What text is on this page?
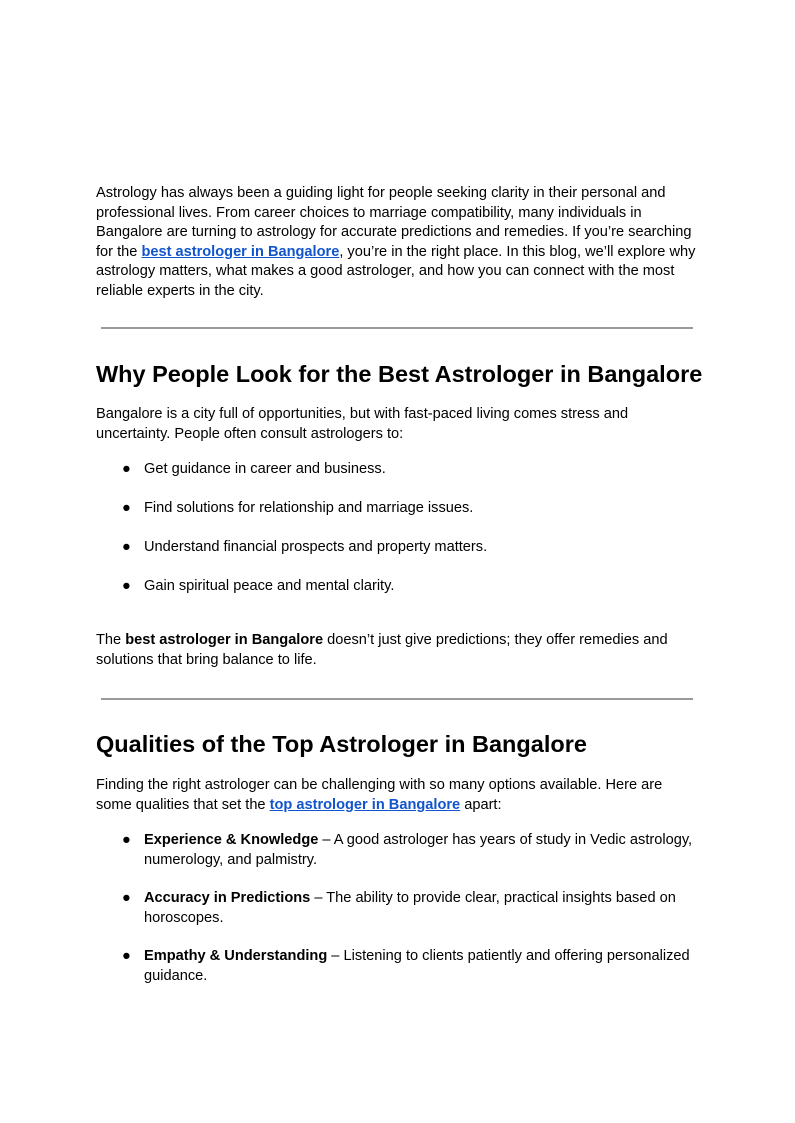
Astrology has always been a guiding light for people seeking clarity in their personal and professional lives. From career choices to marriage compatibility, many individuals in Bangalore are turning to astrology for accurate predictions and remedies. If you’re searching for the best astrologer in Bangalore, you’re in the right place. In this blog, we’ll explore why astrology matters, what makes a good astrologer, and how you can connect with the most reliable experts in the city.
Why People Look for the Best Astrologer in Bangalore
Bangalore is a city full of opportunities, but with fast-paced living comes stress and uncertainty. People often consult astrologers to:
● Get guidance in career and business.
● Find solutions for relationship and marriage issues.
● Understand financial prospects and property matters.
● Gain spiritual peace and mental clarity.
The best astrologer in Bangalore doesn’t just give predictions; they offer remedies and solutions that bring balance to life.
Qualities of the Top Astrologer in Bangalore
Finding the right astrologer can be challenging with so many options available. Here are some qualities that set the top astrologer in Bangalore apart:
● Experience & Knowledge – A good astrologer has years of study in Vedic astrology, numerology, and palmistry.
● Accuracy in Predictions – The ability to provide clear, practical insights based on horoscopes.
● Empathy & Understanding – Listening to clients patiently and offering personalized guidance.
